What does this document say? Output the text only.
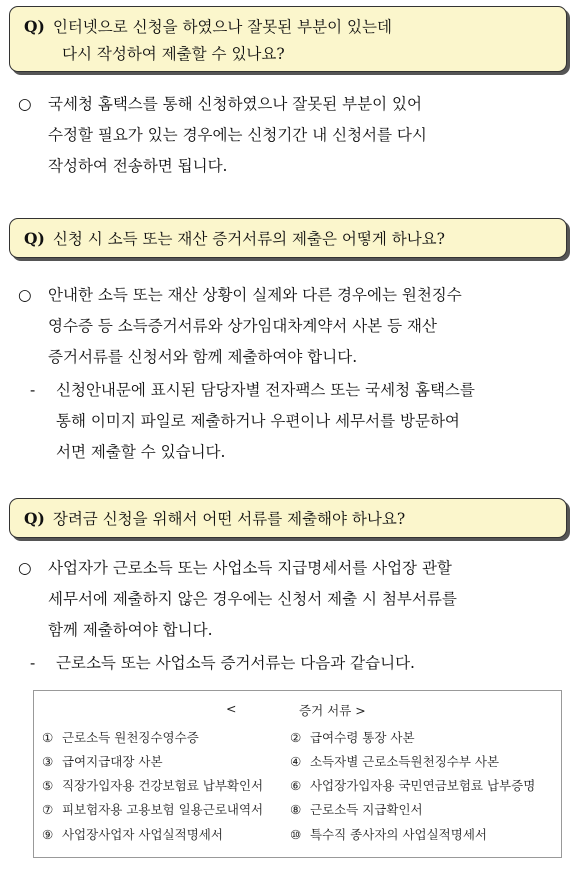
Q) 인터넷으로 신청을 하였으나 잘못된 부분이 있는데
다시 작성하여 제출할 수 있나요?
○ 국세청 홈택스를 통해 신청하였으나 잘못된 부분이 있어
수정할 필요가 있는 경우에는 신청기간 내 신청서를 다시
작성하여 전송하면 됩니다.
Q) 신청 시 소득 또는 재산 증거서류의 제출은 어떻게 하나요?
○ 안내한 소득 또는 재산 상황이 실제와 다른 경우에는 원천징수
영수증 등 소득증거서류와 상가임대차계약서 사본 등 재산
증거서류를 신청서와 함께 제출하여야 합니다.
- 신청안내문에 표시된 담당자별 전자팩스 또는 국세청 홈택스를
통해 이미지 파일로 제출하거나 우편이나 세무서를 방문하여
서면 제출할 수 있습니다.
Q) 장려금 신청을 위해서 어떤 서류를 제출해야 하나요?
○ 사업자가 근로소득 또는 사업소득 지급명세서를 사업장 관할
세무서에 제출하지 않은 경우에는 신청서 제출 시 첨부서류를
함께 제출하여야 합니다.
- 근로소득 또는 사업소득 증거서류는 다음과 같습니다.
<	증거 서류 >
① 근로소득 원천징수영수증	② 급여수령 통장 사본
③ 급여지급대장 사본	④ 소득자별 근로소득원천징수부 사본
⑤ 직장가입자용 건강보험료 납부확인서 ⑥ 사업장가입자용 국민연금보험료 납부증명
⑦ 피보험자용 고용보험 일용근로내역서 ⑧ 근로소득 지급확인서
⑨ 사업장사업자 사업실적명세서	⑩ 특수직 종사자의 사업실적명세서
